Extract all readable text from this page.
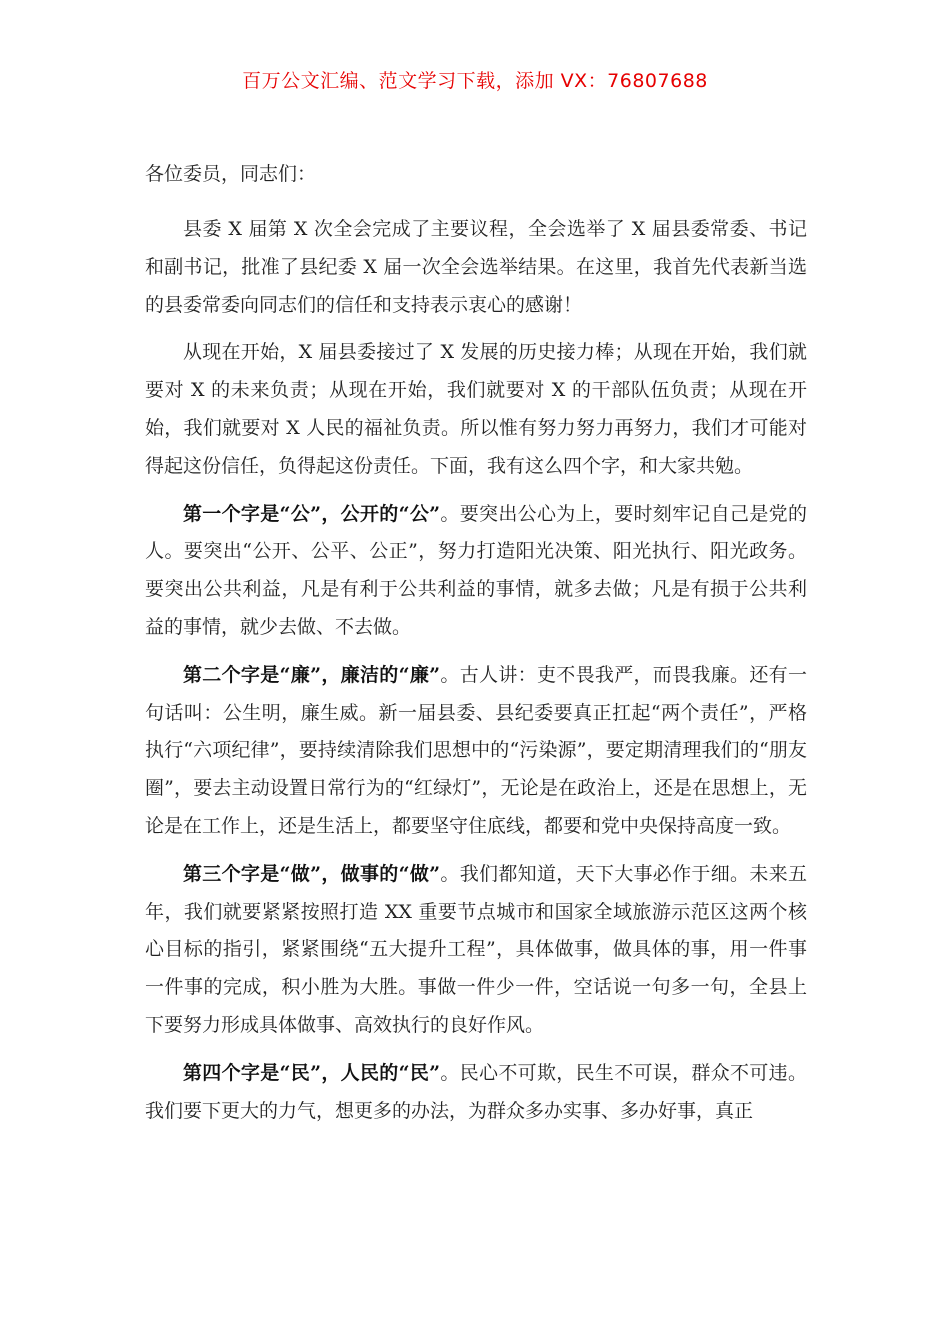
百万公文汇编、范文学习下载，添加 VX：76807688

各位委员，同志们：

县委 X 届第 X 次全会完成了主要议程，全会选举了 X 届县委常委、书记和副书记，批准了县纪委 X 届一次全会选举结果。在这里，我首先代表新当选的县委常委向同志们的信任和支持表示衷心的感谢！

从现在开始，X 届县委接过了 X 发展的历史接力棒；从现在开始，我们就要对 X 的未来负责；从现在开始，我们就要对 X 的干部队伍负责；从现在开始，我们就要对 X 人民的福祉负责。所以惟有努力努力再努力，我们才可能对得起这份信任，负得起这份责任。下面，我有这么四个字，和大家共勉。

第一个字是“公”，公开的“公”。要突出公心为上，要时刻牢记自己是党的人。要突出“公开、公平、公正”，努力打造阳光决策、阳光执行、阳光政务。要突出公共利益，凡是有利于公共利益的事情，就多去做；凡是有损于公共利益的事情，就少去做、不去做。

第二个字是“廉”，廉洁的“廉”。古人讲：吏不畏我严，而畏我廉。还有一句话叫：公生明，廉生威。新一届县委、县纪委要真正扛起“两个责任”，严格执行“六项纪律”，要持续清除我们思想中的“污染源”，要定期清理我们的“朋友圈”，要去主动设置日常行为的“红绿灯”，无论是在政治上，还是在思想上，无论是在工作上，还是生活上，都要坚守住底线，都要和党中央保持高度一致。

第三个字是“做”，做事的“做”。我们都知道，天下大事必作于细。未来五年，我们就要紧紧按照打造 XX 重要节点城市和国家全域旅游示范区这两个核心目标的指引，紧紧围绕“五大提升工程”，具体做事，做具体的事，用一件事一件事的完成，积小胜为大胜。事做一件少一件，空话说一句多一句，全县上下要努力形成具体做事、高效执行的良好作风。

第四个字是“民”，人民的“民”。民心不可欺，民生不可误，群众不可违。我们要下更大的力气，想更多的办法，为群众多办实事、多办好事，真正
